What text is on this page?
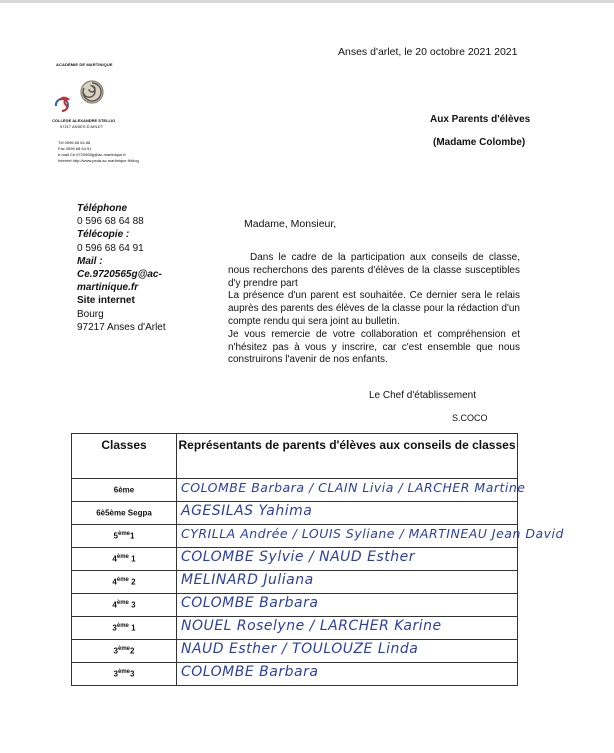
Anses d'arlet, le 20 octobre 2021 2021
ACADÉMIE DE MARTINIQUE
COLLÈGE ALEXANDRE STELLIO
97217 ANSES D'ARLET
Tél 0596 68 64 88
Fax 0596 68 64 91
e-mail Ce.9720565g@ac-martinique.fr
Internet http://www.peda.ac-martinique.fr/blog
Aux Parents d'élèves
(Madame Colombe)
Téléphone
0 596 68 64 88
Télécopie :
0 596 68 64 91
Mail :
Ce.9720565g@ac-
martinique.fr
Site internet
Bourg
97217 Anses d'Arlet
Madame, Monsieur,

Dans le cadre de la participation aux conseils de classe, nous recherchons des parents d'élèves de la classe susceptibles d'y prendre part

La présence d'un parent est souhaitée. Ce dernier sera le relais auprès des parents des élèves de la classe pour la rédaction d'un compte rendu qui sera joint au bulletin.

Je vous remercie de votre collaboration et compréhension et n'hésitez pas à vous y inscrire, car c'est ensemble que nous construirons l'avenir de nos enfants.

Le Chef d'établissement
S.COCO
Classes	Représentants de parents d'élèves aux conseils de classes
6ème	COLOMBE Barbara / CLAIN Livia / LARCHER Martine

6è5ème Segpa	AGESILAS Yahima

5ème1	CYRILLA Andrée / LOUIS Syliane / MARTINEAU Jean David

4ème 1	COLOMBE Sylvie / NAUD Esther

4ème 2	MELINARD Juliana

4ème 3	COLOMBE Barbara

3ème 1	NOUEL Roselyne / LARCHER Karine

3ème2	NAUD Esther / TOULOUZE Linda

3ème3	COLOMBE Barbara
